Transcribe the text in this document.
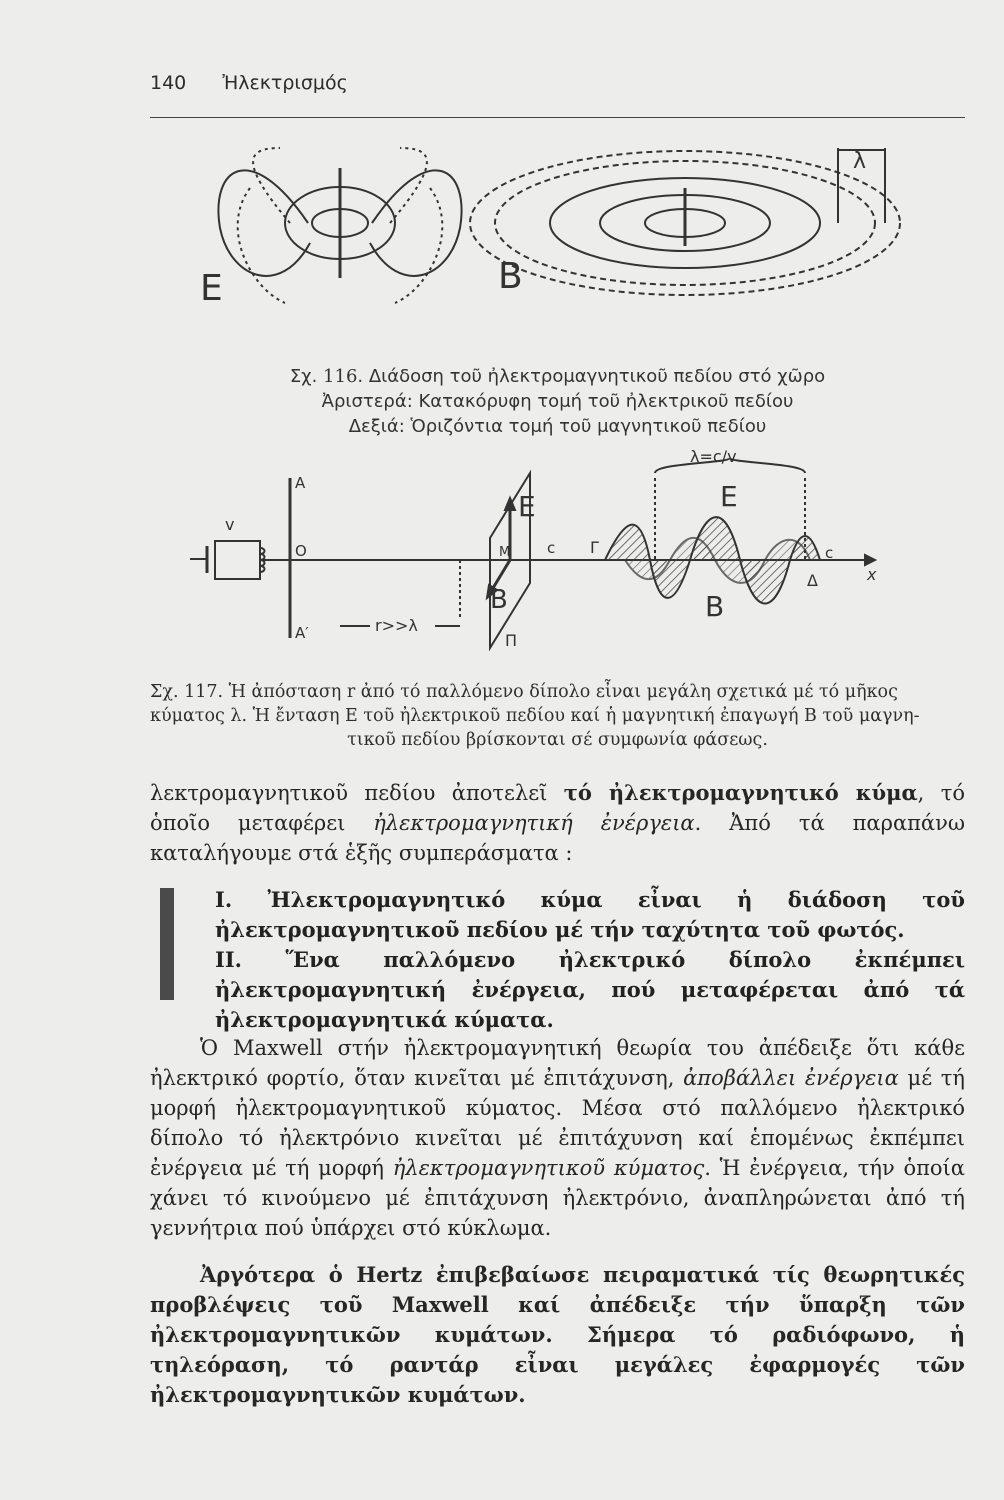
140 Ἠλεκτρισμός
E	B
λ
Σχ. 116. Διάδοση τοῦ ἠλεκτρομαγνητικοῦ πεδίου στό χῶρο
Ἀριστερά: Κατακόρυφη τομή τοῦ ἠλεκτρικοῦ πεδίου
Δεξιά: Ὁριζόντια τομή τοῦ μαγνητικοῦ πεδίου
v
A
O
A′	r>>λ
M c
E
B
Π
Γ
λ=c/v
E
B
Δ
c
x
Σχ. 117. Ἡ ἀπόσταση r ἀπό τό παλλόμενο δίπολο εἶναι μεγάλη σχετικά μέ τό μῆκος
κύματος λ. Ἡ ἔνταση E τοῦ ἠλεκτρικοῦ πεδίου καί ἡ μαγνητική ἐπαγωγή B τοῦ μαγνη-
τικοῦ πεδίου βρίσκονται σέ συμφωνία φάσεως.
λεκτρομαγνητικοῦ πεδίου ἀποτελεῖ τό ἠλεκτρομαγνητικό κύμα, τό ὁποῖο μεταφέρει ἠλεκτρομαγνητική ἐνέργεια. Ἀπό τά παραπάνω καταλήγουμε στά ἑξῆς συμπεράσματα :

I. Ἠλεκτρομαγνητικό κύμα εἶναι ἡ διάδοση τοῦ ἠλεκτρομαγνητικοῦ πεδίου μέ τήν ταχύτητα τοῦ φωτός.

II. Ἕνα παλλόμενο ἠλεκτρικό δίπολο ἐκπέμπει ἠλεκτρομαγνητική ἐνέργεια, πού μεταφέρεται ἀπό τά ἠλεκτρομαγνητικά κύματα.

Ὁ Maxwell στήν ἠλεκτρομαγνητική θεωρία του ἀπέδειξε ὅτι κάθε ἠλεκτρικό φορτίο, ὅταν κινεῖται μέ ἐπιτάχυνση, ἀποβάλλει ἐνέργεια μέ τή μορφή ἠλεκτρομαγνητικοῦ κύματος. Μέσα στό παλλόμενο ἠλεκτρικό δίπολο τό ἠλεκτρόνιο κινεῖται μέ ἐπιτάχυνση καί ἑπομένως ἐκπέμπει ἐνέργεια μέ τή μορφή ἠλεκτρομαγνητικοῦ κύματος. Ἡ ἐνέργεια, τήν ὁποία χάνει τό κινούμενο μέ ἐπιτάχυνση ἠλεκτρόνιο, ἀναπληρώνεται ἀπό τή γεννήτρια πού ὑπάρχει στό κύκλωμα.
Ἀργότερα ὁ Hertz ἐπιβεβαίωσε πειραματικά τίς θεωρητικές προβλέψεις τοῦ Maxwell καί ἀπέδειξε τήν ὕπαρξη τῶν ἠλεκτρομαγνητικῶν κυμάτων. Σήμερα τό ραδιόφωνο, ἡ τηλεόραση, τό ραντάρ εἶναι μεγάλες ἐφαρμογές τῶν ἠλεκτρομαγνητικῶν κυμάτων.
